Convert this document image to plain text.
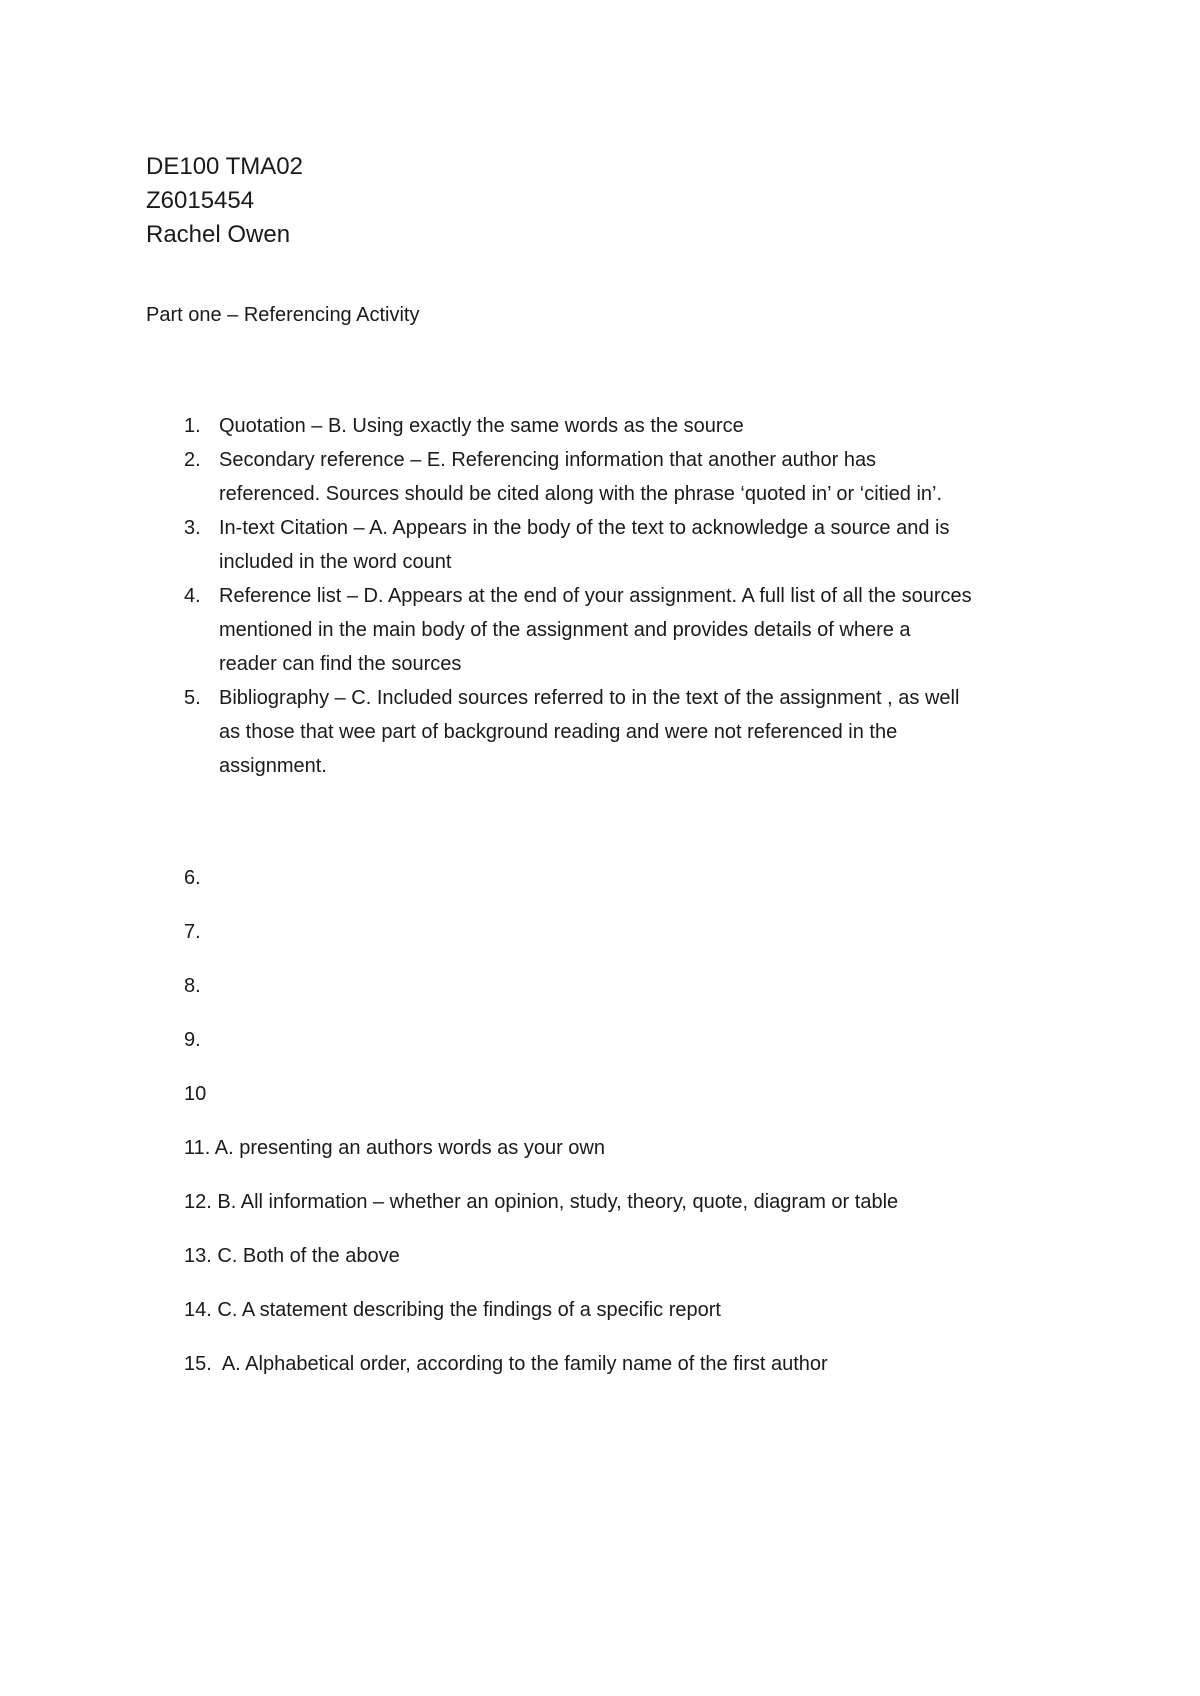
DE100 TMA02
Z6015454
Rachel Owen
Part one – Referencing Activity
1. Quotation – B. Using exactly the same words as the source
2. Secondary reference – E. Referencing information that another author has
referenced. Sources should be cited along with the phrase ‘quoted in’ or ‘citied in’.
3. In-text Citation – A. Appears in the body of the text to acknowledge a source and is
included in the word count
4. Reference list – D. Appears at the end of your assignment. A full list of all the sources
mentioned in the main body of the assignment and provides details of where a
reader can find the sources
5. Bibliography – C. Included sources referred to in the text of the assignment , as well
as those that wee part of background reading and were not referenced in the
assignment.
6.
7.
8.
9.
10
11. A. presenting an authors words as your own
12. B. All information – whether an opinion, study, theory, quote, diagram or table
13. C. Both of the above
14. C. A statement describing the findings of a specific report
15.  A. Alphabetical order, according to the family name of the first author
